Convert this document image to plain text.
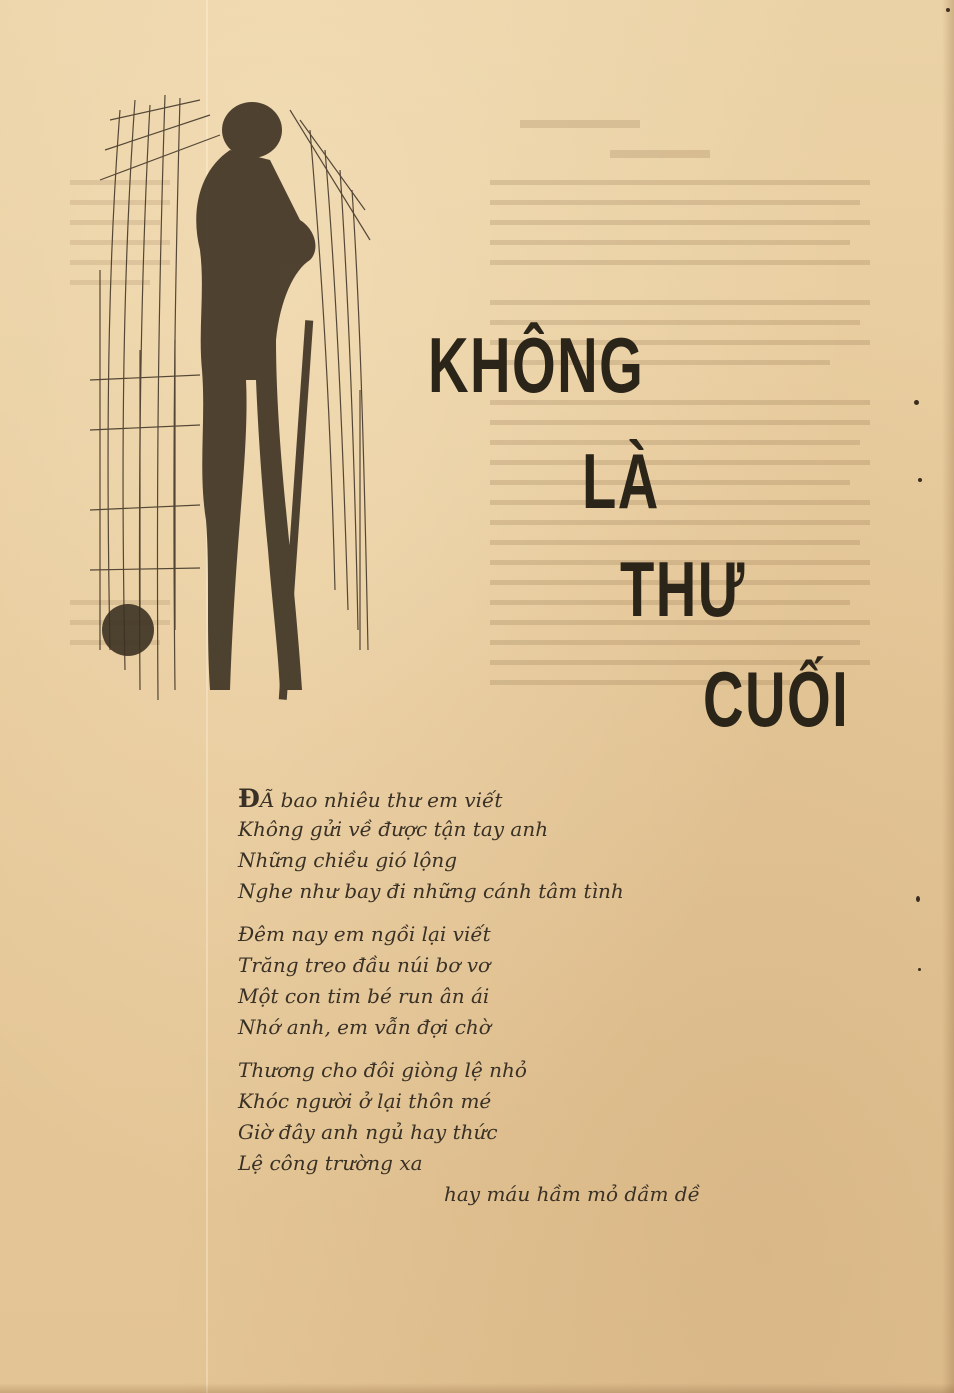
KHÔNG
LÀ
THƯ
CUỐI
ĐÃ bao nhiêu thư em viết
Không gửi về được tận tay anh
Những chiều gió lộng
Nghe như bay đi những cánh tâm tình
Đêm nay em ngồi lại viết
Trăng treo đầu núi bơ vơ
Một con tim bé run ân ái
Nhớ anh, em vẫn đợi chờ
Thương cho đôi giòng lệ nhỏ
Khóc người ở lại thôn mé
Giờ đây anh ngủ hay thức
Lệ công trường xa
hay máu hầm mỏ dầm dề
